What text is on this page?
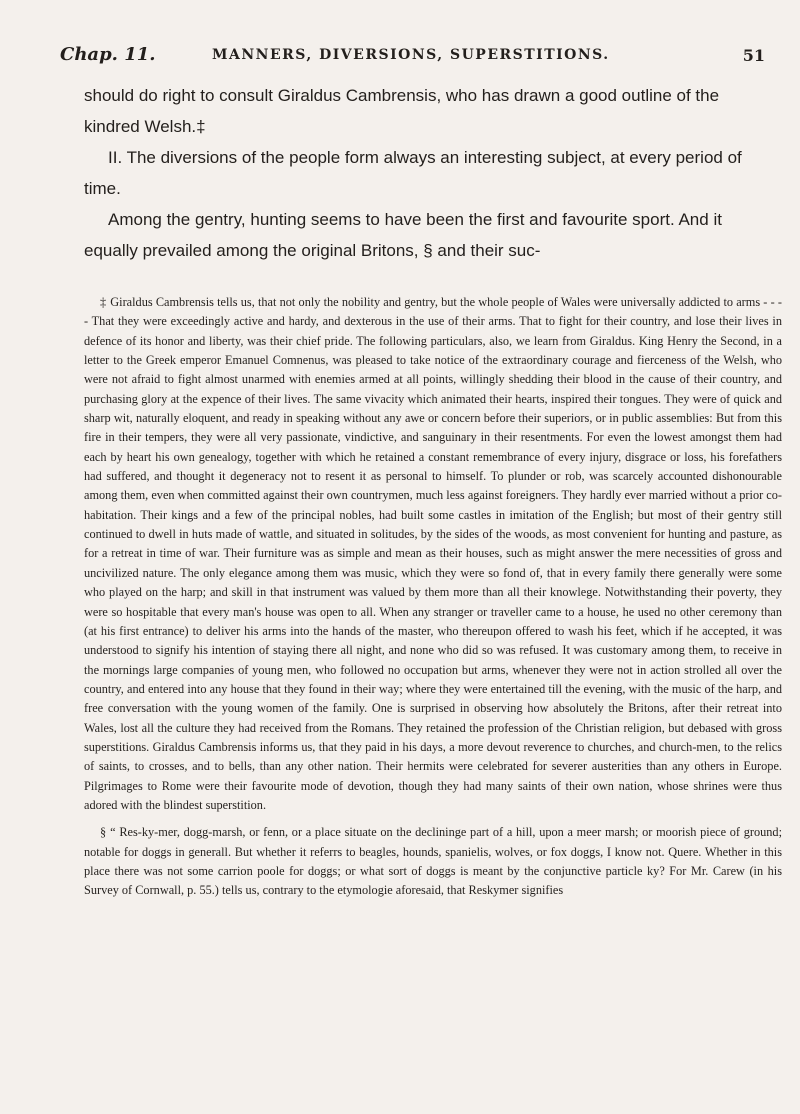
Chap. 11.	MANNERS, DIVERSIONS, SUPERSTITIONS.	51

should do right to consult Giraldus Cambrensis, who has drawn a good outline of the kindred Welsh.‡

II. The diversions of the people form always an interesting subject, at every period of time.

Among the gentry, hunting seems to have been the first and favourite sport. And it equally prevailed among the original Britons, § and their suc-

‡ Giraldus Cambrensis tells us, that not only the nobility and gentry, but the whole people of Wales were universally addicted to arms - - - - That they were exceedingly active and hardy, and dexterous in the use of their arms. That to fight for their country, and lose their lives in defence of its honor and liberty, was their chief pride. The following particulars, also, we learn from Giraldus. King Henry the Second, in a letter to the Greek emperor Emanuel Comnenus, was pleased to take notice of the extraordinary courage and fierceness of the Welsh, who were not afraid to fight almost unarmed with enemies armed at all points, willingly shedding their blood in the cause of their country, and purchasing glory at the expence of their lives. The same vivacity which animated their hearts, inspired their tongues. They were of quick and sharp wit, naturally eloquent, and ready in speaking without any awe or concern before their superiors, or in public assemblies: But from this fire in their tempers, they were all very passionate, vindictive, and sanguinary in their resentments. For even the lowest amongst them had each by heart his own genealogy, together with which he retained a constant remembrance of every injury, disgrace or loss, his forefathers had suffered, and thought it degeneracy not to resent it as personal to himself. To plunder or rob, was scarcely accounted dishonourable among them, even when committed against their own countrymen, much less against foreigners. They hardly ever married without a prior co-habitation. Their kings and a few of the principal nobles, had built some castles in imitation of the English; but most of their gentry still continued to dwell in huts made of wattle, and situated in solitudes, by the sides of the woods, as most convenient for hunting and pasture, as for a retreat in time of war. Their furniture was as simple and mean as their houses, such as might answer the mere necessities of gross and uncivilized nature. The only elegance among them was music, which they were so fond of, that in every family there generally were some who played on the harp; and skill in that instrument was valued by them more than all their knowlege. Notwithstanding their poverty, they were so hospitable that every man's house was open to all. When any stranger or traveller came to a house, he used no other ceremony than (at his first entrance) to deliver his arms into the hands of the master, who thereupon offered to wash his feet, which if he accepted, it was understood to signify his intention of staying there all night, and none who did so was refused. It was customary among them, to receive in the mornings large companies of young men, who followed no occupation but arms, whenever they were not in action strolled all over the country, and entered into any house that they found in their way; where they were entertained till the evening, with the music of the harp, and free conversation with the young women of the family. One is surprised in observing how absolutely the Britons, after their retreat into Wales, lost all the culture they had received from the Romans. They retained the profession of the Christian religion, but debased with gross superstitions. Giraldus Cambrensis informs us, that they paid in his days, a more devout reverence to churches, and church-men, to the relics of saints, to crosses, and to bells, than any other nation. Their hermits were celebrated for severer austerities than any others in Europe. Pilgrimages to Rome were their favourite mode of devotion, though they had many saints of their own nation, whose shrines were thus adored with the blindest superstition.

§ “ Res-ky-mer, dogg-marsh, or fenn, or a place situate on the declininge part of a hill, upon a meer marsh; or moorish piece of ground; notable for doggs in generall. But whether it referrs to beagles, hounds, spanielis, wolves, or fox doggs, I know not. Quere. Whether in this place there was not some carrion poole for doggs; or what sort of doggs is meant by the conjunctive particle ky? For Mr. Carew (in his Survey of Cornwall, p. 55.) tells us, contrary to the etymologie aforesaid, that Reskymer signifies
